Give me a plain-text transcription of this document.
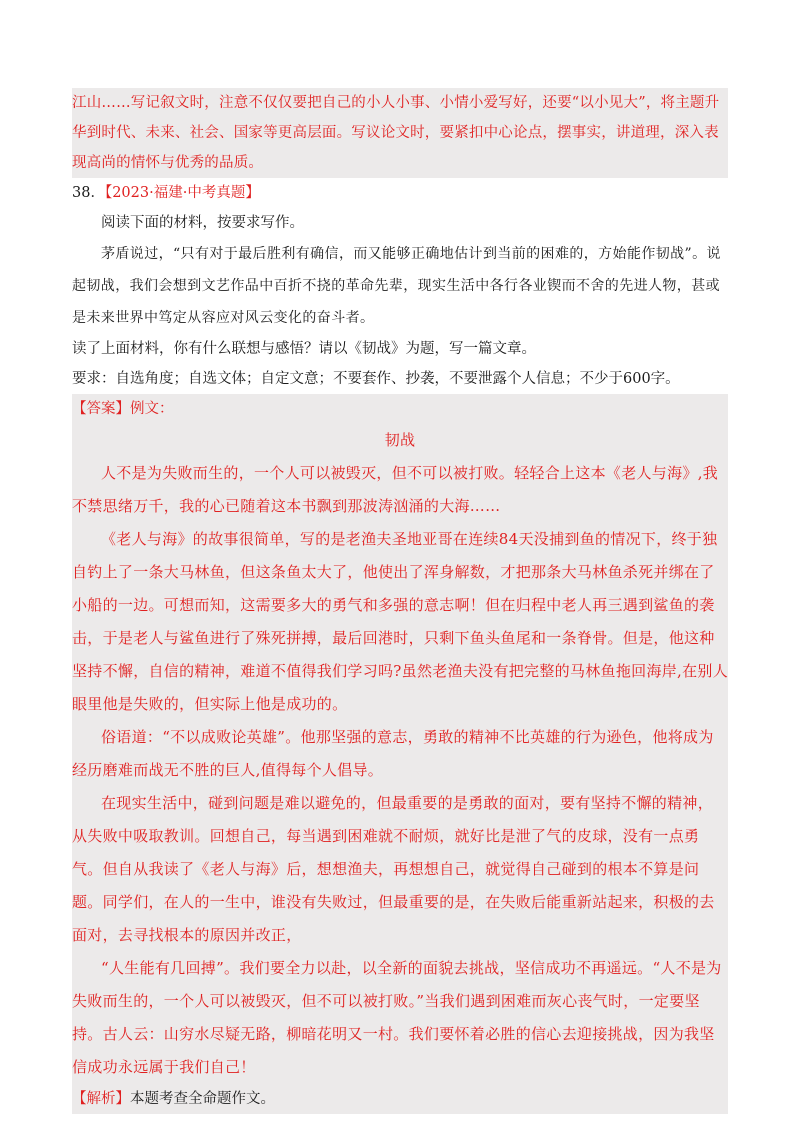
江山……写记叙文时，注意不仅仅要把自己的小人小事、小情小爱写好，还要“以小见大”，将主题升华到时代、未来、社会、国家等更高层面。写议论文时，要紧扣中心论点，摆事实，讲道理，深入表现高尚的情怀与优秀的品质。

38．【2023·福建·中考真题】

阅读下面的材料，按要求写作。

茅盾说过，“只有对于最后胜利有确信，而又能够正确地估计到当前的困难的，方始能作韧战”。说起韧战，我们会想到文艺作品中百折不挠的革命先辈，现实生活中各行各业锲而不舍的先进人物，甚或是未来世界中笃定从容应对风云变化的奋斗者。

读了上面材料，你有什么联想与感悟？请以《韧战》为题，写一篇文章。

要求：自选角度；自选文体；自定文意；不要套作、抄袭，不要泄露个人信息；不少于600字。

【答案】例文：

韧战

人不是为失败而生的，一个人可以被毁灭，但不可以被打败。轻轻合上这本《老人与海》,我不禁思绪万千，我的心已随着这本书飘到那波涛汹涌的大海……

《老人与海》的故事很简单，写的是老渔夫圣地亚哥在连续84天没捕到鱼的情况下，终于独自钓上了一条大马林鱼，但这条鱼太大了，他使出了浑身解数，才把那条大马林鱼杀死并绑在了小船的一边。可想而知，这需要多大的勇气和多强的意志啊！但在归程中老人再三遇到鲨鱼的袭击，于是老人与鲨鱼进行了殊死拼搏，最后回港时，只剩下鱼头鱼尾和一条脊骨。但是，他这种坚持不懈，自信的精神，难道不值得我们学习吗?虽然老渔夫没有把完整的马林鱼拖回海岸,在别人眼里他是失败的，但实际上他是成功的。

俗语道：“不以成败论英雄”。他那坚强的意志，勇敢的精神不比英雄的行为逊色，他将成为经历磨难而战无不胜的巨人,值得每个人倡导。

在现实生活中，碰到问题是难以避免的，但最重要的是勇敢的面对，要有坚持不懈的精神，从失败中吸取教训。回想自己，每当遇到困难就不耐烦，就好比是泄了气的皮球，没有一点勇气。但自从我读了《老人与海》后，想想渔夫，再想想自己，就觉得自己碰到的根本不算是问题。同学们，在人的一生中，谁没有失败过，但最重要的是，在失败后能重新站起来，积极的去面对，去寻找根本的原因并改正，

“人生能有几回搏”。我们要全力以赴，以全新的面貌去挑战，坚信成功不再遥远。“人不是为失败而生的，一个人可以被毁灭，但不可以被打败。”当我们遇到困难而灰心丧气时，一定要坚持。古人云：山穷水尽疑无路，柳暗花明又一村。我们要怀着必胜的信心去迎接挑战，因为我坚信成功永远属于我们自己！

【解析】本题考查全命题作文。
